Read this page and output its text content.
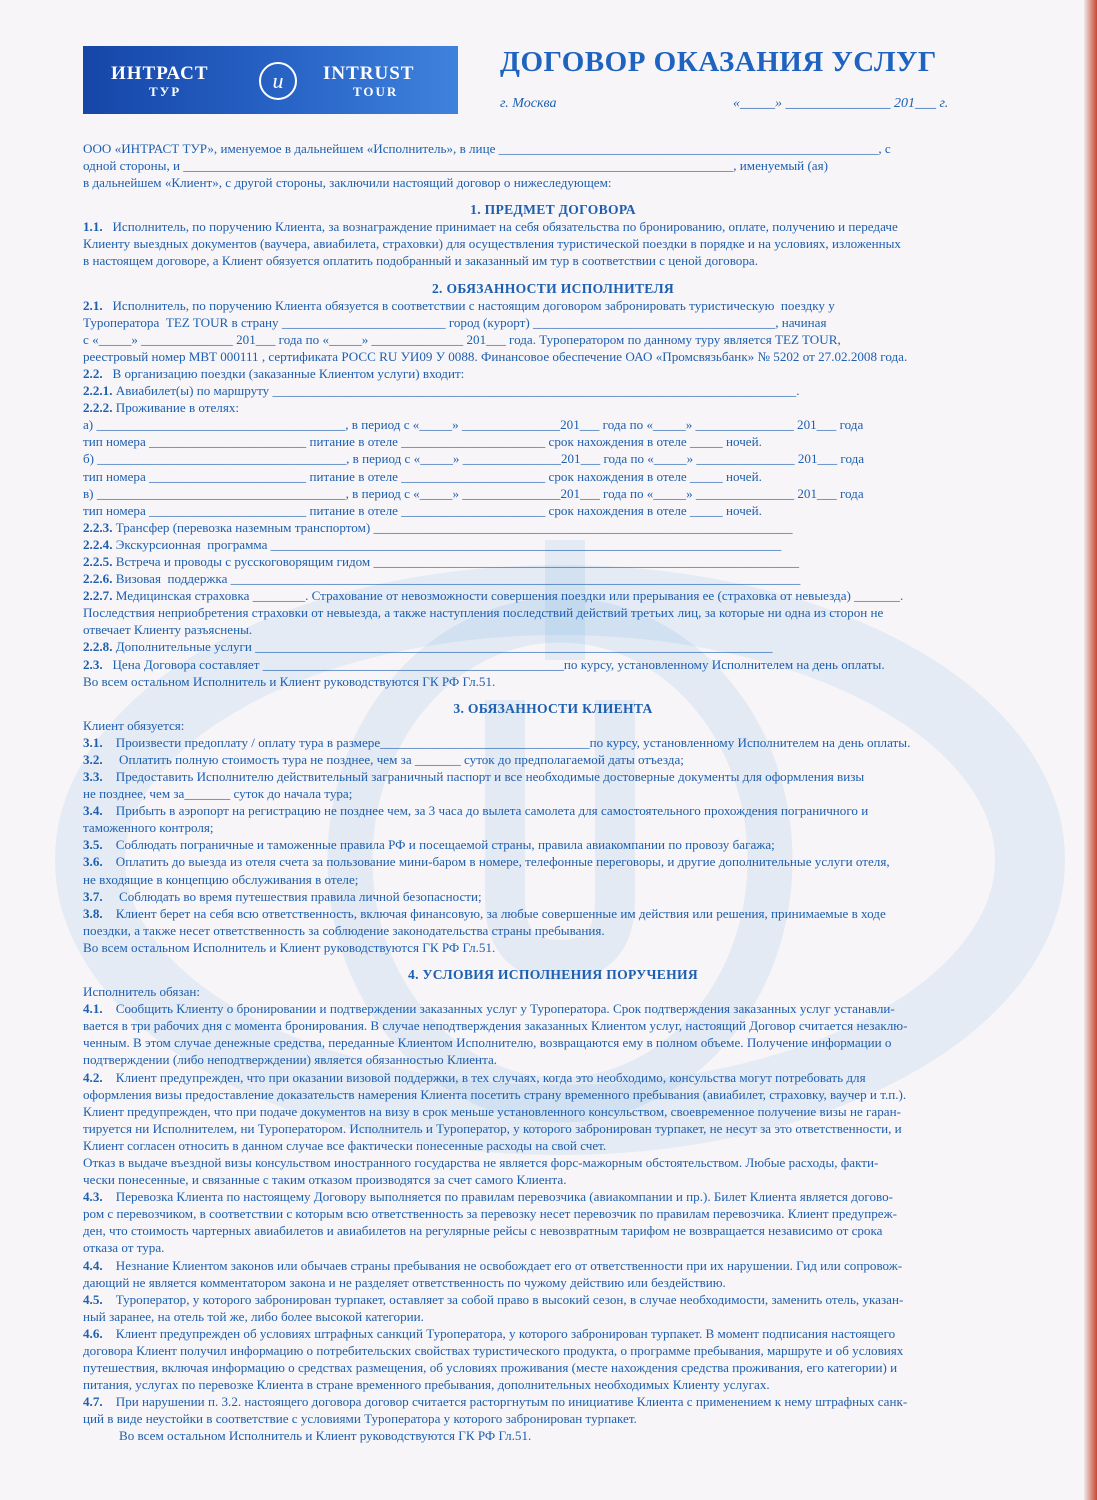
ИНТРАСТ
ТУР	u	INTRUST
TOUR
ДОГОВОР ОКАЗАНИЯ УСЛУГ
г. Москва	«_____» _______________ 201___ г.

ООО «ИНТРАСТ ТУР», именуемое в дальнейшем «Исполнитель», в лице __________________________________________________________, с

одной стороны, и ____________________________________________________________________________________, именуемый (ая)

в дальнейшем «Клиент», с другой стороны, заключили настоящий договор о нижеследующем:

1. ПРЕДМЕТ ДОГОВОРА

1.1.   Исполнитель, по поручению Клиента, за вознаграждение принимает на себя обязательства по бронированию, оплате, получению и передаче

Клиенту выездных документов (ваучера, авиабилета, страховки) для осуществления туристической поездки в порядке и на условиях, изложенных

в настоящем договоре, а Клиент обязуется оплатить подобранный и заказанный им тур в соответствии с ценой договора.

2. ОБЯЗАННОСТИ ИСПОЛНИТЕЛЯ

2.1.   Исполнитель, по поручению Клиента обязуется в соответствии с настоящим договором забронировать туристическую  поездку у

Туроператора  TEZ TOUR в страну _________________________ город (курорт) _____________________________________, начиная

с «_____» ______________ 201___ года по «_____» ______________ 201___ года. Туроператором по данному туру является TEZ TOUR,

реестровый номер МВТ 000111 , сертификата РОСС RU УИ09 У 0088. Финансовое обеспечение ОАО «Промсвязьбанк» № 5202 от 27.02.2008 года.

2.2.   В организацию поездки (заказанные Клиентом услуги) входит:

2.2.1. Авиабилет(ы) по маршруту ________________________________________________________________________________.

2.2.2. Проживание в отелях:

а) ______________________________________, в период с «_____» _______________201___ года по «_____» _______________ 201___ года

тип номера ________________________ питание в отеле ______________________ срок нахождения в отеле _____ ночей.

б) ______________________________________, в период с «_____» _______________201___ года по «_____» _______________ 201___ года

тип номера ________________________ питание в отеле ______________________ срок нахождения в отеле _____ ночей.

в) ______________________________________, в период с «_____» _______________201___ года по «_____» _______________ 201___ года

тип номера ________________________ питание в отеле ______________________ срок нахождения в отеле _____ ночей.

2.2.3. Трансфер (перевозка наземным транспортом) ________________________________________________________________

2.2.4. Экскурсионная  программа ______________________________________________________________________________

2.2.5. Встреча и проводы с русскоговорящим гидом _________________________________________________________________

2.2.6. Визовая  поддержка _______________________________________________________________________________________

2.2.7. Медицинская страховка ________. Страхование от невозможности совершения поездки или прерывания ее (страховка от невыезда) _______.

Последствия неприобретения страховки от невыезда, а также наступления последствий действий третьих лиц, за которые ни одна из сторон не

отвечает Клиенту разъяснены.

2.2.8. Дополнительные услуги _______________________________________________________________________________

2.3.   Цена Договора составляет ______________________________________________по курсу, установленному Исполнителем на день оплаты.

Во всем остальном Исполнитель и Клиент руководствуются ГК РФ Гл.51.

3. ОБЯЗАННОСТИ КЛИЕНТА

Клиент обязуется:

3.1.    Произвести предоплату / оплату тура в размере________________________________по курсу, установленному Исполнителем на день оплаты.

3.2.     Оплатить полную стоимость тура не позднее, чем за _______ суток до предполагаемой даты отъезда;

3.3.    Предоставить Исполнителю действительный заграничный паспорт и все необходимые достоверные документы для оформления визы

не позднее, чем за_______ суток до начала тура;

3.4.    Прибыть в аэропорт на регистрацию не позднее чем, за 3 часа до вылета самолета для самостоятельного прохождения пограничного и

таможенного контроля;

3.5.    Соблюдать пограничные и таможенные правила РФ и посещаемой страны, правила авиакомпании по провозу багажа;

3.6.    Оплатить до выезда из отеля счета за пользование мини-баром в номере, телефонные переговоры, и другие дополнительные услуги отеля,

не входящие в концепцию обслуживания в отеле;

3.7.     Соблюдать во время путешествия правила личной безопасности;

3.8.    Клиент берет на себя всю ответственность, включая финансовую, за любые совершенные им действия или решения, принимаемые в ходе

поездки, а также несет ответственность за соблюдение законодательства страны пребывания.

Во всем остальном Исполнитель и Клиент руководствуются ГК РФ Гл.51.

4. УСЛОВИЯ ИСПОЛНЕНИЯ ПОРУЧЕНИЯ

Исполнитель обязан:

4.1.    Сообщить Клиенту о бронировании и подтверждении заказанных услуг у Туроператора. Срок подтверждения заказанных услуг устанавли-

вается в три рабочих дня с момента бронирования. В случае неподтверждения заказанных Клиентом услуг, настоящий Договор считается незаклю-

ченным. В этом случае денежные средства, переданные Клиентом Исполнителю, возвращаются ему в полном объеме. Получение информации о

подтверждении (либо неподтверждении) является обязанностью Клиента.

4.2.    Клиент предупрежден, что при оказании визовой поддержки, в тех случаях, когда это необходимо, консульства могут потребовать для

оформления визы предоставление доказательств намерения Клиента посетить страну временного пребывания (авиабилет, страховку, ваучер и т.п.).

Клиент предупрежден, что при подаче документов на визу в срок меньше установленного консульством, своевременное получение визы не гаран-

тируется ни Исполнителем, ни Туроператором. Исполнитель и Туроператор, у которого забронирован турпакет, не несут за это ответственности, и

Клиент согласен относить в данном случае все фактически понесенные расходы на свой счет.

Отказ в выдаче въездной визы консульством иностранного государства не является форс-мажорным обстоятельством. Любые расходы, факти-

чески понесенные, и связанные с таким отказом производятся за счет самого Клиента.

4.3.    Перевозка Клиента по настоящему Договору выполняется по правилам перевозчика (авиакомпании и пр.). Билет Клиента является догово-

ром с перевозчиком, в соответствии с которым всю ответственность за перевозку несет перевозчик по правилам перевозчика. Клиент предупреж-

ден, что стоимость чартерных авиабилетов и авиабилетов на регулярные рейсы с невозвратным тарифом не возвращается независимо от срока

отказа от тура.

4.4.    Незнание Клиентом законов или обычаев страны пребывания не освобождает его от ответственности при их нарушении. Гид или сопровож-

дающий не является комментатором закона и не разделяет ответственность по чужому действию или бездействию.

4.5.    Туроператор, у которого забронирован турпакет, оставляет за собой право в высокий сезон, в случае необходимости, заменить отель, указан-

ный заранее, на отель той же, либо более высокой категории.

4.6.    Клиент предупрежден об условиях штрафных санкций Туроператора, у которого забронирован турпакет. В момент подписания настоящего

договора Клиент получил информацию о потребительских свойствах туристического продукта, о программе пребывания, маршруте и об условиях

путешествия, включая информацию о средствах размещения, об условиях проживания (месте нахождения средства проживания, его категории) и

питания, услугах по перевозке Клиента в стране временного пребывания, дополнительных необходимых Клиенту услугах.

4.7.    При нарушении п. 3.2. настоящего договора договор считается расторгнутым по инициативе Клиента с применением к нему штрафных санк-

ций в виде неустойки в соответствие с условиями Туроператора у которого забронирован турпакет.

Во всем остальном Исполнитель и Клиент руководствуются ГК РФ Гл.51.
